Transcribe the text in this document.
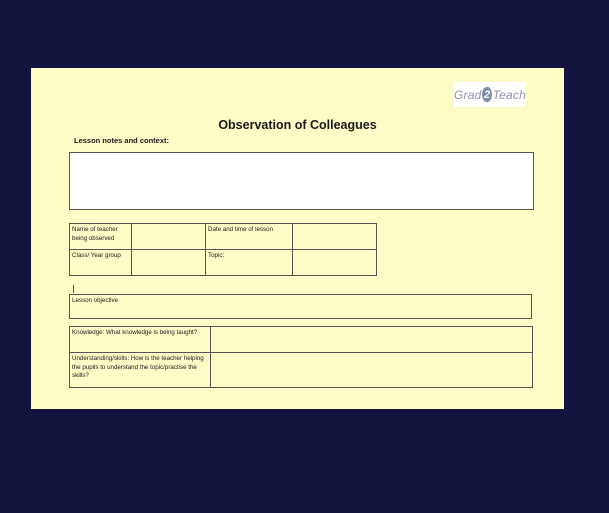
Grad 2 Teach
Observation of Colleagues
Lesson notes and context:
Name of teacher being observed		Date and time of lesson	
Class/ Year group		Topic:	
Lesson objective
Knowledge: What knowledge is being taught?	
Understanding/skills: How is the teacher helping the pupils to understand the topic/practise the skills?	
